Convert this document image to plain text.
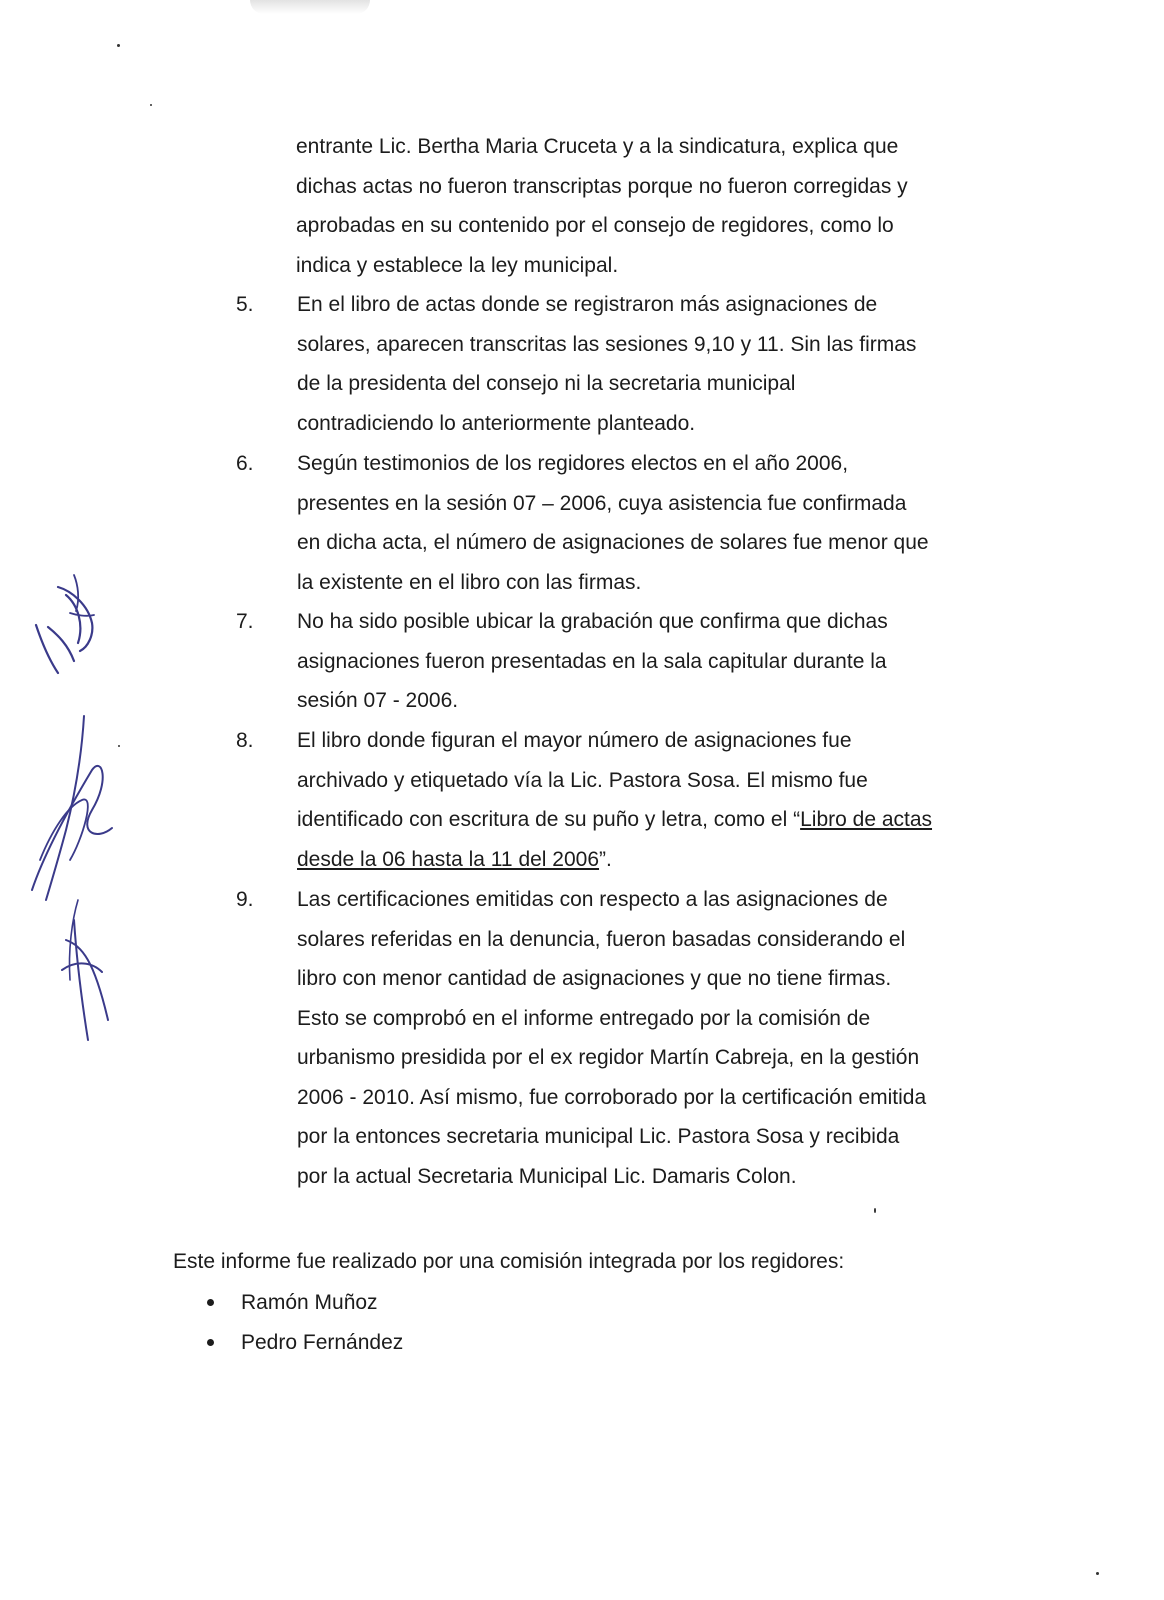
entrante Lic. Bertha Maria Cruceta y a la sindicatura, explica que
dichas actas no fueron transcriptas porque no fueron corregidas y
aprobadas en su contenido por el consejo de regidores, como lo
indica y establece la ley municipal.
5.	En el libro de actas donde se registraron más asignaciones de
solares, aparecen transcritas las sesiones 9,10 y 11. Sin las firmas
de la presidenta del consejo ni la secretaria municipal
contradiciendo lo anteriormente planteado.
6.	Según testimonios de los regidores electos en el año 2006,
presentes en la sesión 07 – 2006, cuya asistencia fue confirmada
en dicha acta, el número de asignaciones de solares fue menor que
la existente en el libro con las firmas.
7.	No ha sido posible ubicar la grabación que confirma que dichas
asignaciones fueron presentadas en la sala capitular durante la
sesión 07 - 2006.
8.	El libro donde figuran el mayor número de asignaciones fue
archivado y etiquetado vía la Lic. Pastora Sosa. El mismo fue
identificado con escritura de su puño y letra, como el “Libro de actas
desde la 06 hasta la 11 del 2006”.
9.	Las certificaciones emitidas con respecto a las asignaciones de
solares referidas en la denuncia, fueron basadas considerando el
libro con menor cantidad de asignaciones y que no tiene firmas.
Esto se comprobó en el informe entregado por la comisión de
urbanismo presidida por el ex regidor Martín Cabreja, en la gestión
2006 - 2010. Así mismo, fue corroborado por la certificación emitida
por la entonces secretaria municipal Lic. Pastora Sosa y recibida
por la actual Secretaria Municipal Lic. Damaris Colon.
Este informe fue realizado por una comisión integrada por los regidores:
Ramón Muñoz
Pedro Fernández
